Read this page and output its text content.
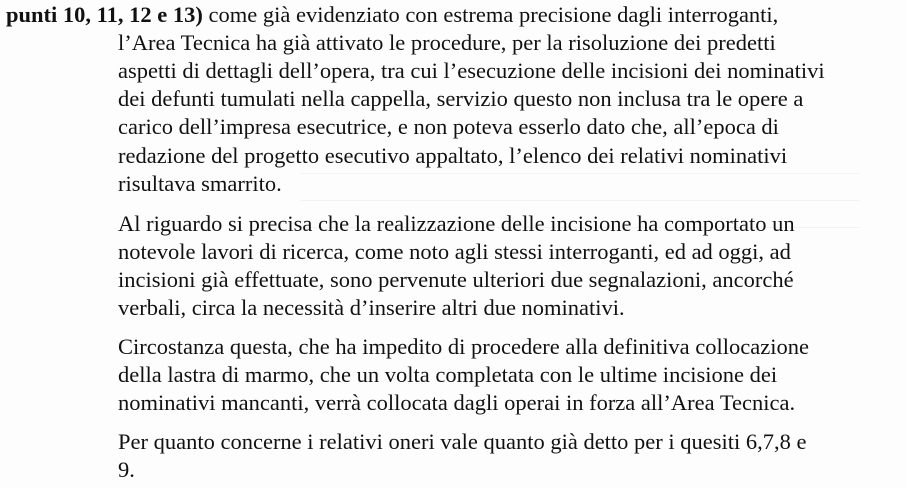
punti 10, 11, 12 e 13) come già evidenziato con estrema precisione dagli interroganti,
l’Area Tecnica ha già attivato le procedure, per la risoluzione dei predetti
aspetti di dettagli dell’opera, tra cui l’esecuzione delle incisioni dei nominativi
dei defunti tumulati nella cappella, servizio questo non inclusa tra le opere a
carico dell’impresa esecutrice, e non poteva esserlo dato che, all’epoca di
redazione del progetto esecutivo appaltato, l’elenco dei relativi nominativi
risultava smarrito.
Al riguardo si precisa che la realizzazione delle incisione ha comportato un
notevole lavori di ricerca, come noto agli stessi interroganti, ed ad oggi, ad
incisioni già effettuate, sono pervenute ulteriori due segnalazioni, ancorché
verbali, circa la necessità d’inserire altri due nominativi.
Circostanza questa, che ha impedito di procedere alla definitiva collocazione
della lastra di marmo, che un volta completata con le ultime incisione dei
nominativi mancanti, verrà collocata dagli operai in forza all’Area Tecnica.
Per quanto concerne i relativi oneri vale quanto già detto per i quesiti 6,7,8 e
9.
